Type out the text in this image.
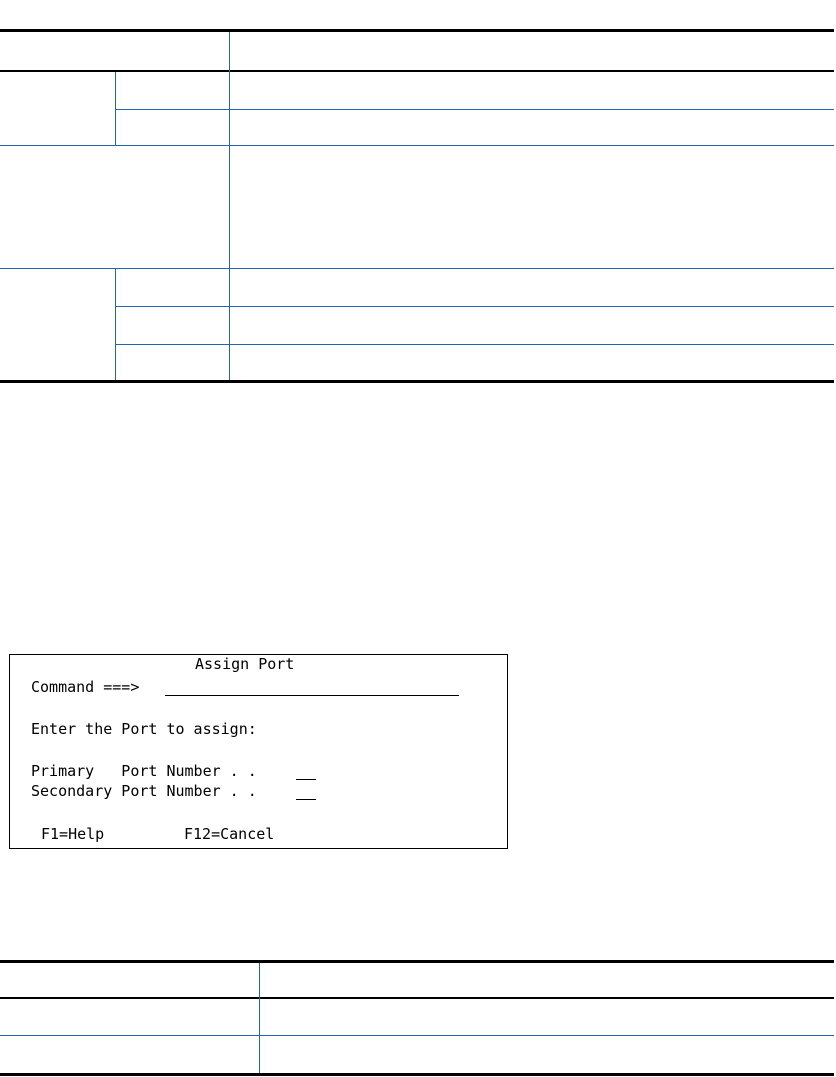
Assign Port
Command ===>
Enter the Port to assign:
Primary   Port Number . .
Secondary Port Number . .
F1=Help	F12=Cancel
